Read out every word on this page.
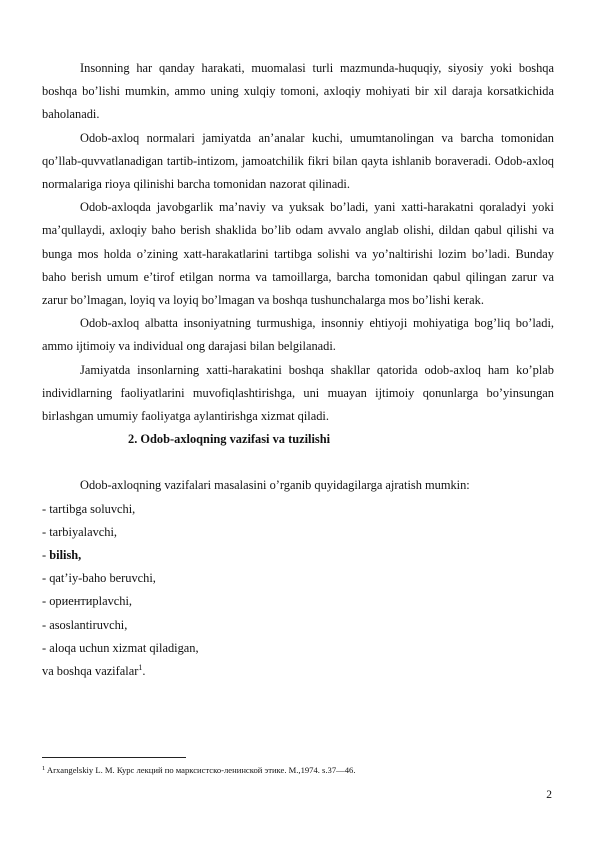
Insonning har qanday harakati, muomalasi turli mazmunda-huquqiy, siyosiy yoki boshqa boshqa bo’lishi mumkin, ammo uning xulqiy tomoni, axloqiy mohiyati bir xil daraja korsatkichida baholanadi.

Odob-axloq normalari jamiyatda an’analar kuchi, umumtanolingan va barcha tomonidan qo’llab-quvvatlanadigan tartib-intizom, jamoatchilik fikri bilan qayta ishlanib boraveradi. Odob-axloq normalariga rioya qilinishi barcha tomonidan nazorat qilinadi.

Odob-axloqda javobgarlik ma’naviy va yuksak bo’ladi, yani xatti-harakatni qoraladyi yoki ma’qullaydi, axloqiy baho berish shaklida bo’lib odam avvalo anglab olishi, dildan qabul qilishi va bunga mos holda o’zining xatt-harakatlarini tartibga solishi va yo’naltirishi lozim bo’ladi. Bunday baho berish umum e’tirof etilgan norma va tamoillarga, barcha tomonidan qabul qilingan zarur va zarur bo’lmagan, loyiq va loyiq bo’lmagan va boshqa tushunchalarga mos bo’lishi kerak.

Odob-axloq albatta insoniyatning turmushiga, insonniy ehtiyoji mohiyatiga bog’liq bo’ladi, ammo ijtimoiy va individual ong darajasi bilan belgilanadi.

Jamiyatda insonlarning xatti-harakatini boshqa shakllar qatorida odob-axloq ham ko’plab individlarning faoliyatlarini muvofiqlashtirishga, uni muayan ijtimoiy qonunlarga bo’yinsungan birlashgan umumiy faoliyatga aylantirishga xizmat qiladi.

2. Odob-axloqning vazifasi va tuzilishi

Odob-axloqning vazifalari masalasini o’rganib quyidagilarga ajratish mumkin:

- tartibga soluvchi,
- tarbiyalavchi,
- bilish,
- qat’iy-baho beruvchi,
- ориентирlavchi,
- asoslantiruvchi,
- aloqa uchun xizmat qiladigan,

va boshqa vazifalar$^1$.

$^1$ Arxangelskiy L. M. Курс лекций по марксистско-ленинской этике. М.,1974. s.37—46.
2
